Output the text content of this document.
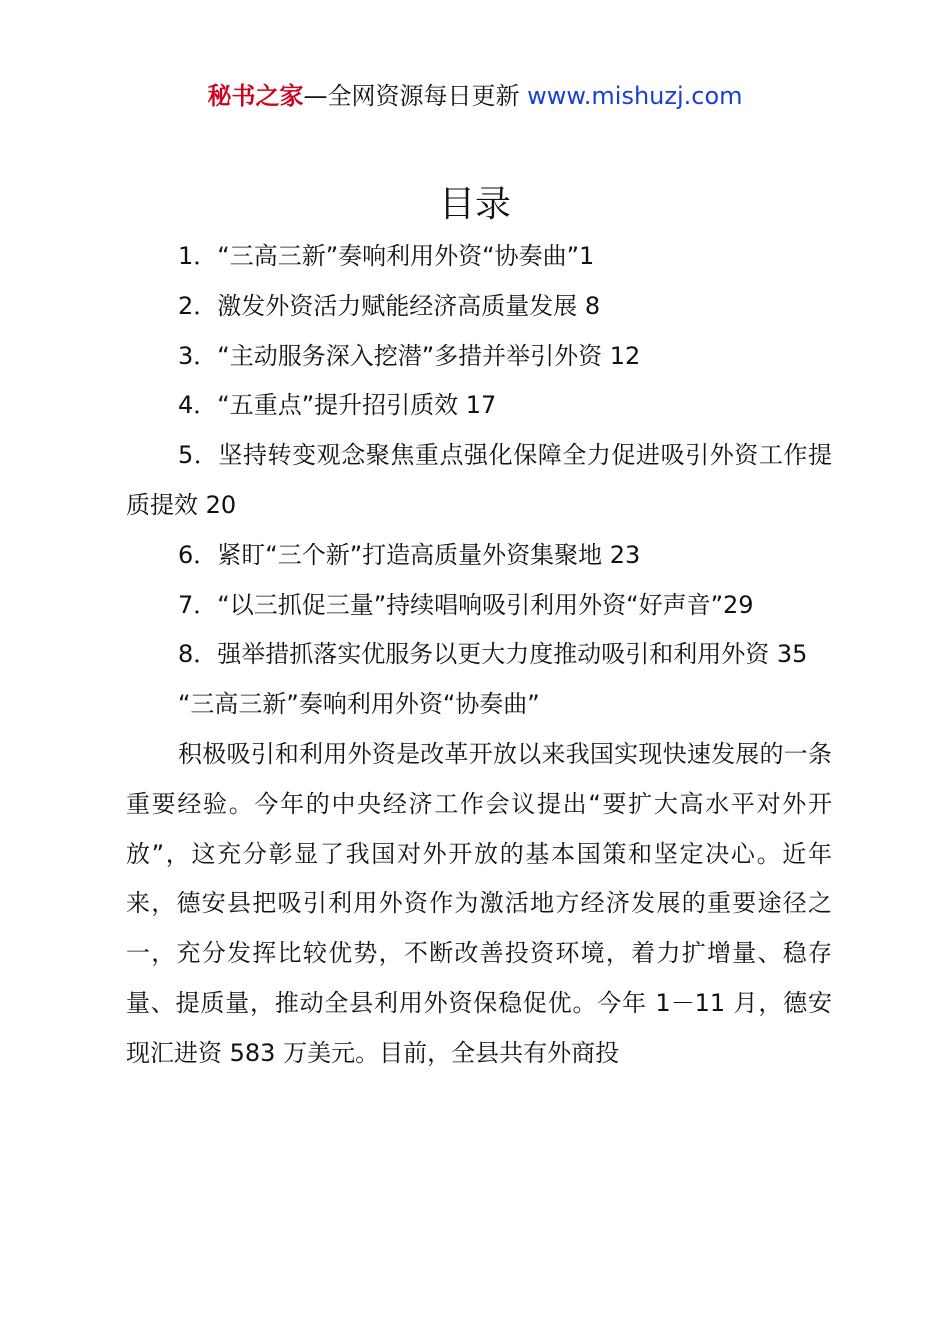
秘书之家—全网资源每日更新 www.mishuzj.com
目录

1．“三高三新”奏响利用外资“协奏曲”1

2．激发外资活力赋能经济高质量发展 8

3．“主动服务深入挖潜”多措并举引外资 12

4．“五重点”提升招引质效 17

5．坚持转变观念聚焦重点强化保障全力促进吸引外资工作提质提效 20

6．紧盯“三个新”打造高质量外资集聚地 23

7．“以三抓促三量”持续唱响吸引利用外资“好声音”29

8．强举措抓落实优服务以更大力度推动吸引和利用外资 35

“三高三新”奏响利用外资“协奏曲”

积极吸引和利用外资是改革开放以来我国实现快速发展的一条重要经验。今年的中央经济工作会议提出“要扩大高水平对外开放”，这充分彰显了我国对外开放的基本国策和坚定决心。近年来，德安县把吸引利用外资作为激活地方经济发展的重要途径之一，充分发挥比较优势，不断改善投资环境，着力扩增量、稳存量、提质量，推动全县利用外资保稳促优。今年 1－11 月，德安现汇进资 583 万美元。目前，全县共有外商投
